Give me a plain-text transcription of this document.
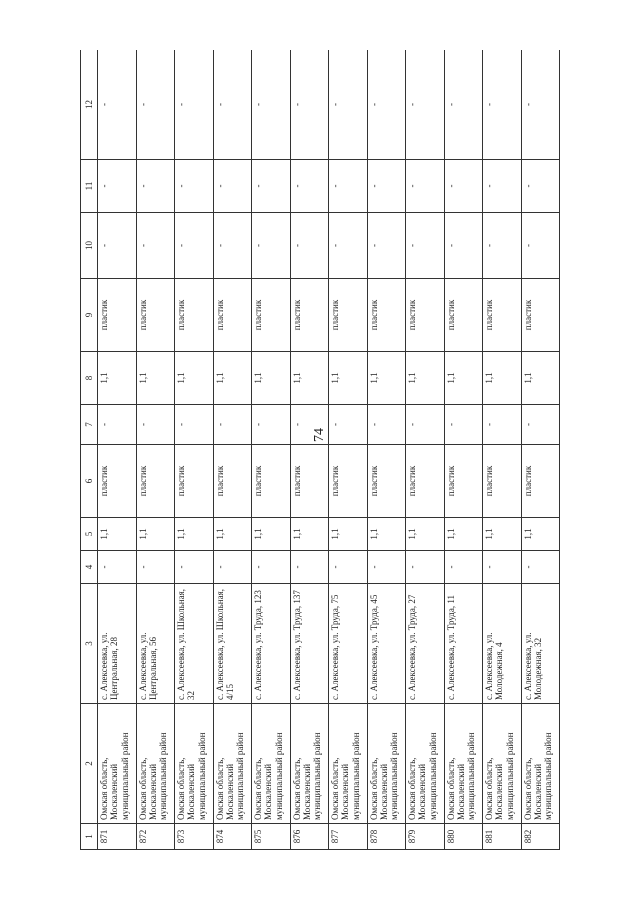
74
1	2	3	4	5	6	7	8	9	10	11	12
871	Омская область, Москаленский муниципальный район	с. Алексеевка, ул. Центральная, 28	-	1,1	пластик	-	1,1	пластик	-	-	-
872	Омская область, Москаленский муниципальный район	с. Алексеевка, ул. Центральная, 56	-	1,1	пластик	-	1,1	пластик	-	-	-
873	Омская область, Москаленский муниципальный район	с. Алексеевка, ул. Школьная, 32	-	1,1	пластик	-	1,1	пластик	-	-	-
874	Омская область, Москаленский муниципальный район	с. Алексеевка, ул. Школьная, 4/15	-	1,1	пластик	-	1,1	пластик	-	-	-
875	Омская область, Москаленский муниципальный район	с. Алексеевка, ул. Труда, 123	-	1,1	пластик	-	1,1	пластик	-	-	-
876	Омская область, Москаленский муниципальный район	с. Алексеевка, ул. Труда, 137	-	1,1	пластик	-	1,1	пластик	-	-	-
877	Омская область, Москаленский муниципальный район	с. Алексеевка, ул. Труда, 75	-	1,1	пластик	-	1,1	пластик	-	-	-
878	Омская область, Москаленский муниципальный район	с. Алексеевка, ул. Труда, 45	-	1,1	пластик	-	1,1	пластик	-	-	-
879	Омская область, Москаленский муниципальный район	с. Алексеевка, ул. Труда, 27	-	1,1	пластик	-	1,1	пластик	-	-	-
880	Омская область, Москаленский муниципальный район	с. Алексеевка, ул. Труда, 11	-	1,1	пластик	-	1,1	пластик	-	-	-
881	Омская область, Москаленский муниципальный район	с. Алексеевка, ул. Молодежная, 4	-	1,1	пластик	-	1,1	пластик	-	-	-
882	Омская область, Москаленский муниципальный район	с. Алексеевка, ул. Молодежная, 32	-	1,1	пластик	-	1,1	пластик	-	-	-
